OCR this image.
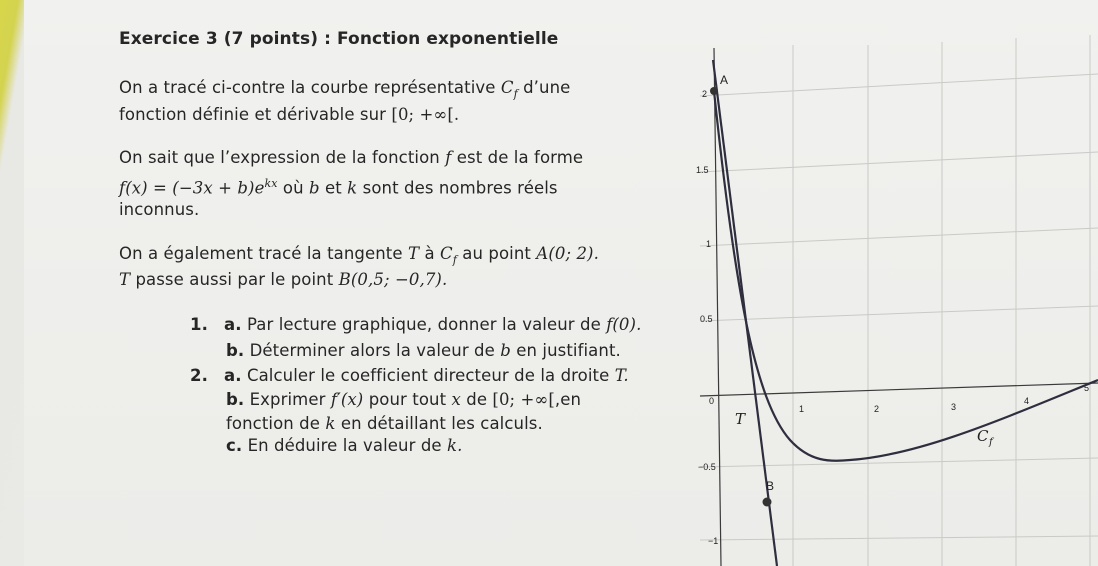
Exercice 3 (7 points) : Fonction exponentielle
On a tracé ci-contre la courbe représentative $C_f$ d’une
fonction définie et dérivable sur [0; +∞[.
On sait que l’expression de la fonction f est de la forme
$f(x) = (-3x + b)e^{kx}$ où b et k sont des nombres réels
inconnus.
On a également tracé la tangente T à $C_f$ au point A(0; 2).
T passe aussi par le point B(0,5; −0,7).
1. a. Par lecture graphique, donner la valeur de f(0).
b. Déterminer alors la valeur de b en justifiant.
2. a. Calculer le coefficient directeur de la droite T.
b. Exprimer f′(x) pour tout x de [0; +∞[,en
fonction de k en détaillant les calculs.
c. En déduire la valeur de k.
2
1.5
1
0.5
0
−0.5
−1
1	2	3
4
5
A
B
T
C f
